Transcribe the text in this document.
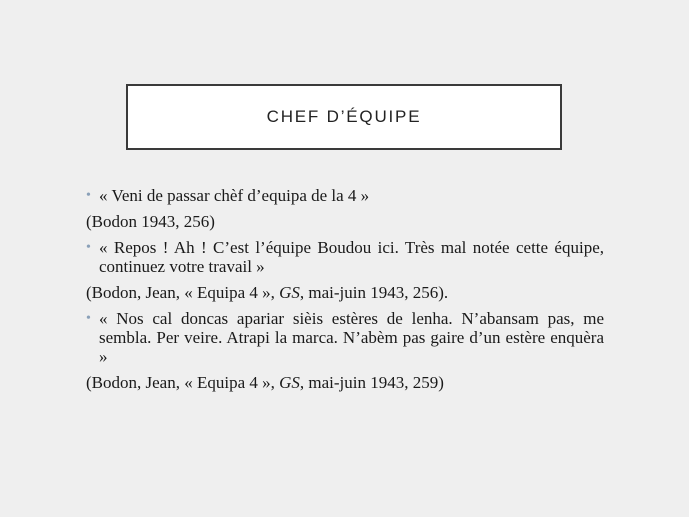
CHEF D’ÉQUIPE
• « Veni de passar chèf d’equipa de la 4 »
(Bodon 1943, 256)
• « Repos ! Ah ! C’est l’équipe Boudou ici. Très mal notée cette équipe, continuez votre travail »
(Bodon, Jean, « Equipa 4 », GS, mai-juin 1943, 256).
• « Nos cal doncas apariar sièis estères de lenha. N’abansam pas, me sembla. Per veire. Atrapi la marca. N’abèm pas gaire d’un estère enquèra »
(Bodon, Jean, « Equipa 4 », GS, mai-juin 1943, 259)
